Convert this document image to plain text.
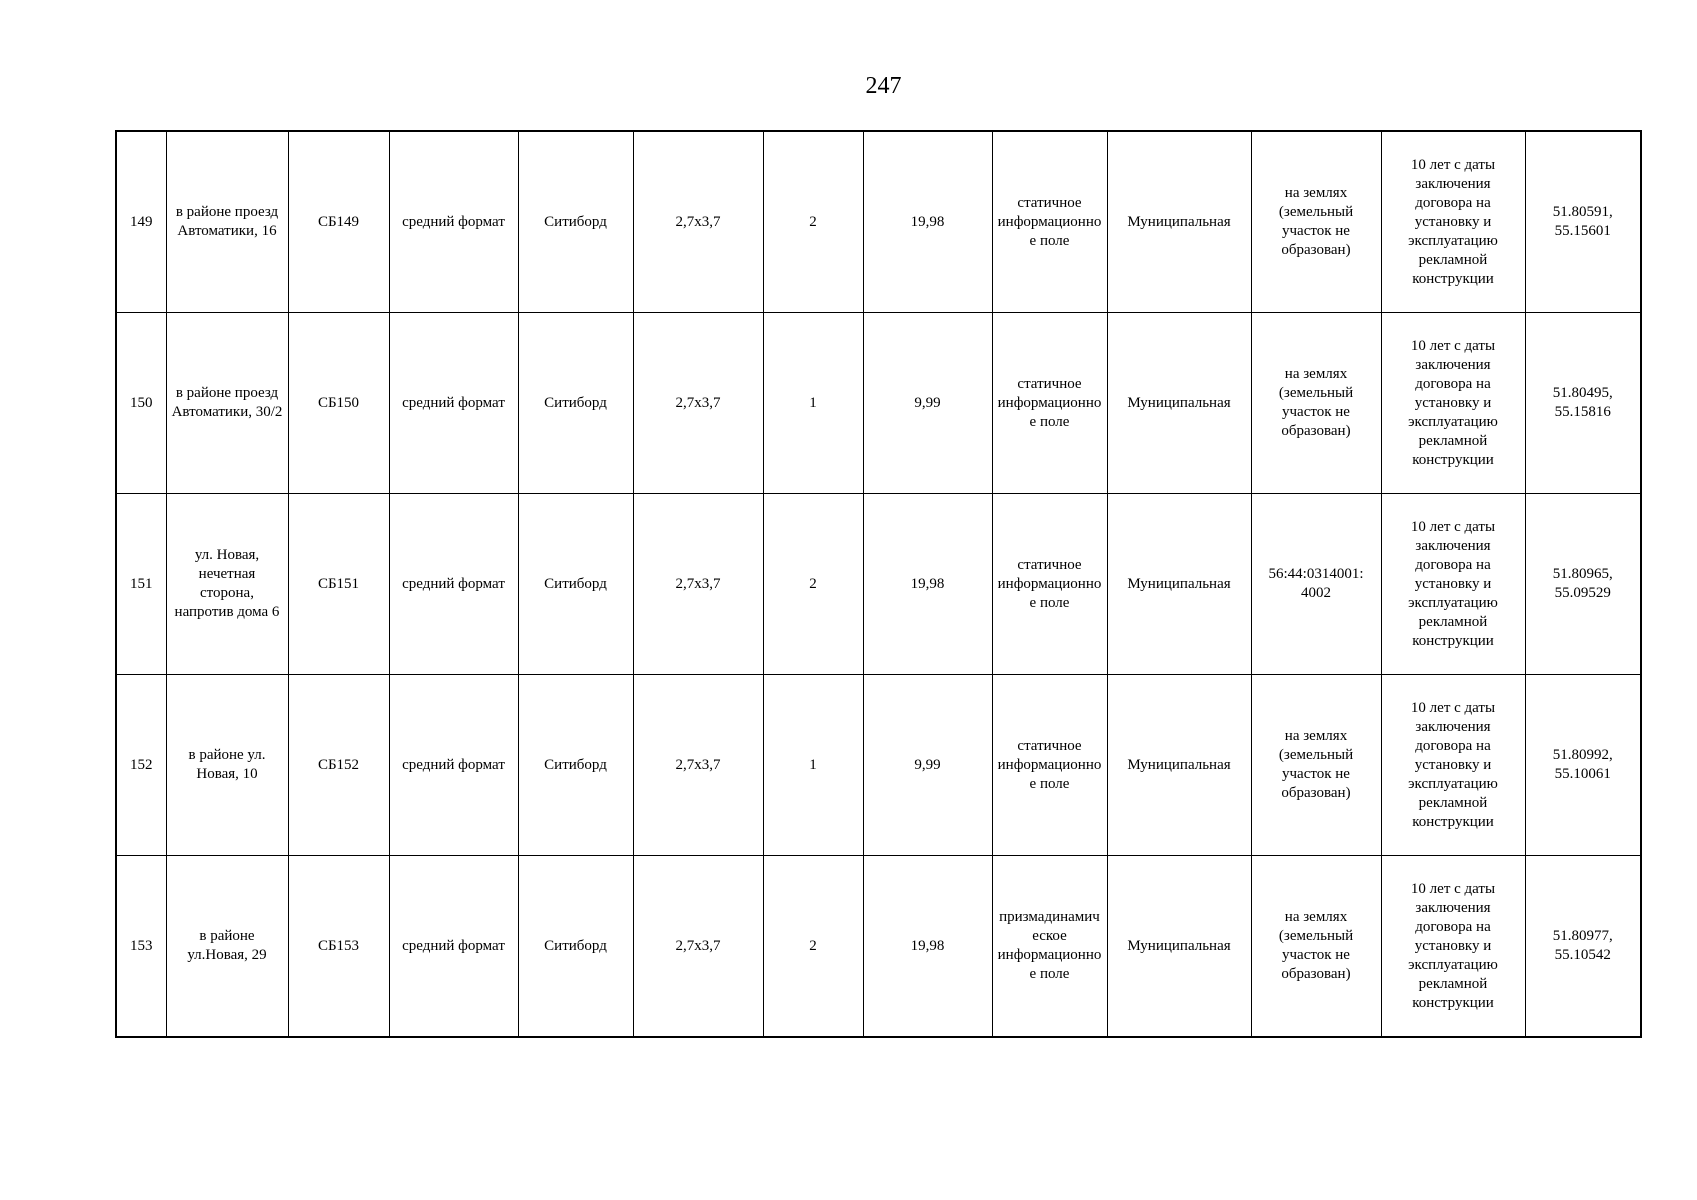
247
149	в районе проезд Автоматики, 16	СБ149	средний формат	Ситиборд	2,7х3,7	2	19,98	статичное информационное поле	Муниципальная	на землях (земельный участок не образован)	10 лет с даты заключения договора на установку и эксплуатацию рекламной конструкции	51.80591, 55.15601
150	в районе проезд Автоматики, 30/2	СБ150	средний формат	Ситиборд	2,7х3,7	1	9,99	статичное информационное поле	Муниципальная	на землях (земельный участок не образован)	10 лет с даты заключения договора на установку и эксплуатацию рекламной конструкции	51.80495, 55.15816
151	ул. Новая, нечетная сторона, напротив дома 6	СБ151	средний формат	Ситиборд	2,7х3,7	2	19,98	статичное информационное поле	Муниципальная	56:44:0314001: 4002	10 лет с даты заключения договора на установку и эксплуатацию рекламной конструкции	51.80965, 55.09529
152	в районе ул. Новая, 10	СБ152	средний формат	Ситиборд	2,7х3,7	1	9,99	статичное информационное поле	Муниципальная	на землях (земельный участок не образован)	10 лет с даты заключения договора на установку и эксплуатацию рекламной конструкции	51.80992, 55.10061
153	в районе ул.Новая, 29	СБ153	средний формат	Ситиборд	2,7х3,7	2	19,98	призмадинамическое информационное поле	Муниципальная	на землях (земельный участок не образован)	10 лет с даты заключения договора на установку и эксплуатацию рекламной конструкции	51.80977, 55.10542
